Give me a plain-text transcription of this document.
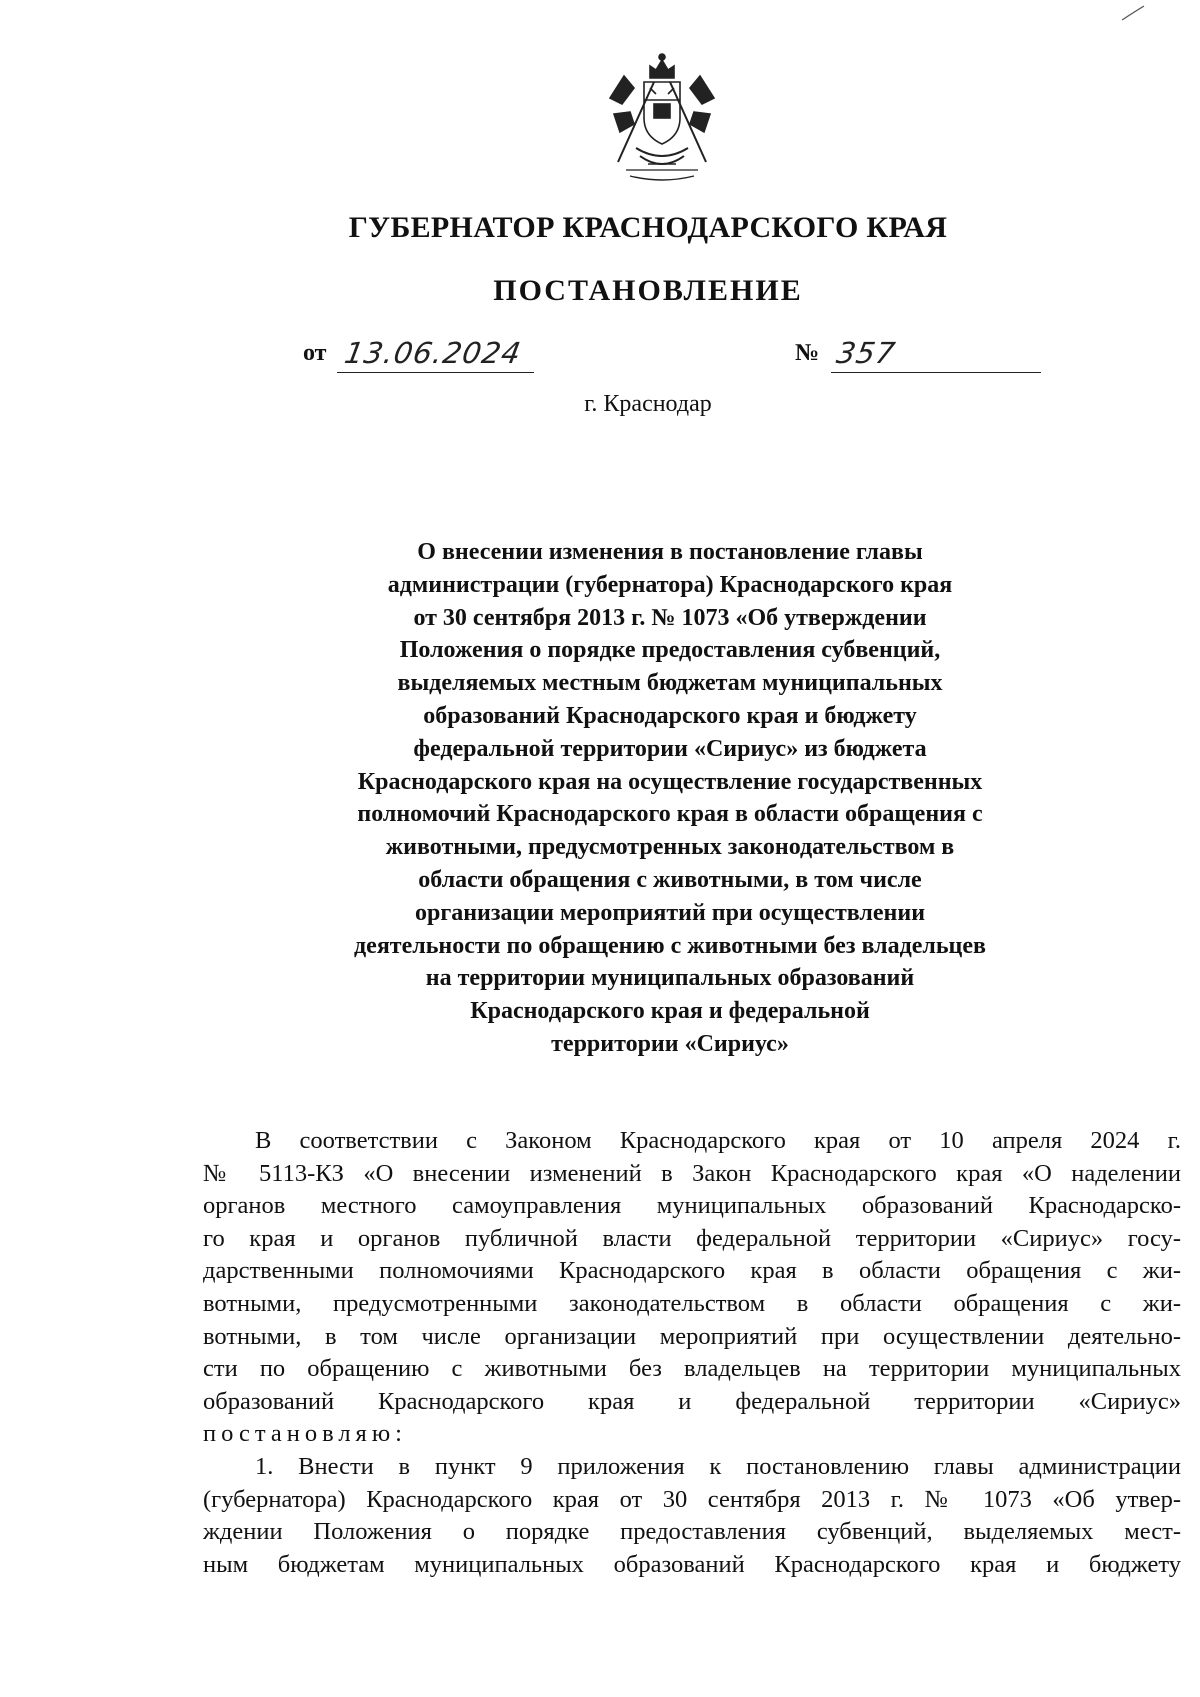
ГУБЕРНАТОР КРАСНОДАРСКОГО КРАЯ
ПОСТАНОВЛЕНИЕ
от 13.06.2024	№ 357
г. Краснодар
О внесении изменения в постановление главы
администрации (губернатора) Краснодарского края
от 30 сентября 2013 г. № 1073 «Об утверждении
Положения о порядке предоставления субвенций,
выделяемых местным бюджетам муниципальных
образований Краснодарского края и бюджету
федеральной территории «Сириус» из бюджета
Краснодарского края на осуществление государственных
полномочий Краснодарского края в области обращения с
животными, предусмотренных законодательством в
области обращения с животными, в том числе
организации мероприятий при осуществлении
деятельности по обращению с животными без владельцев
на территории муниципальных образований
Краснодарского края и федеральной
территории «Сириус»
В соответствии с Законом Краснодарского края от 10 апреля 2024 г.
№ 5113-КЗ «О внесении изменений в Закон Краснодарского края «О наделении
органов местного самоуправления муниципальных образований Краснодарско-
го края и органов публичной власти федеральной территории «Сириус» госу-
дарственными полномочиями Краснодарского края в области обращения с жи-
вотными, предусмотренными законодательством в области обращения с жи-
вотными, в том числе организации мероприятий при осуществлении деятельно-
сти по обращению с животными без владельцев на территории муниципальных
образований Краснодарского края и федеральной территории «Сириус»
постановляю:
1. Внести в пункт 9 приложения к постановлению главы администрации
(губернатора) Краснодарского края от 30 сентября 2013 г. № 1073 «Об утвер-
ждении Положения о порядке предоставления субвенций, выделяемых мест-
ным бюджетам муниципальных образований Краснодарского края и бюджету
